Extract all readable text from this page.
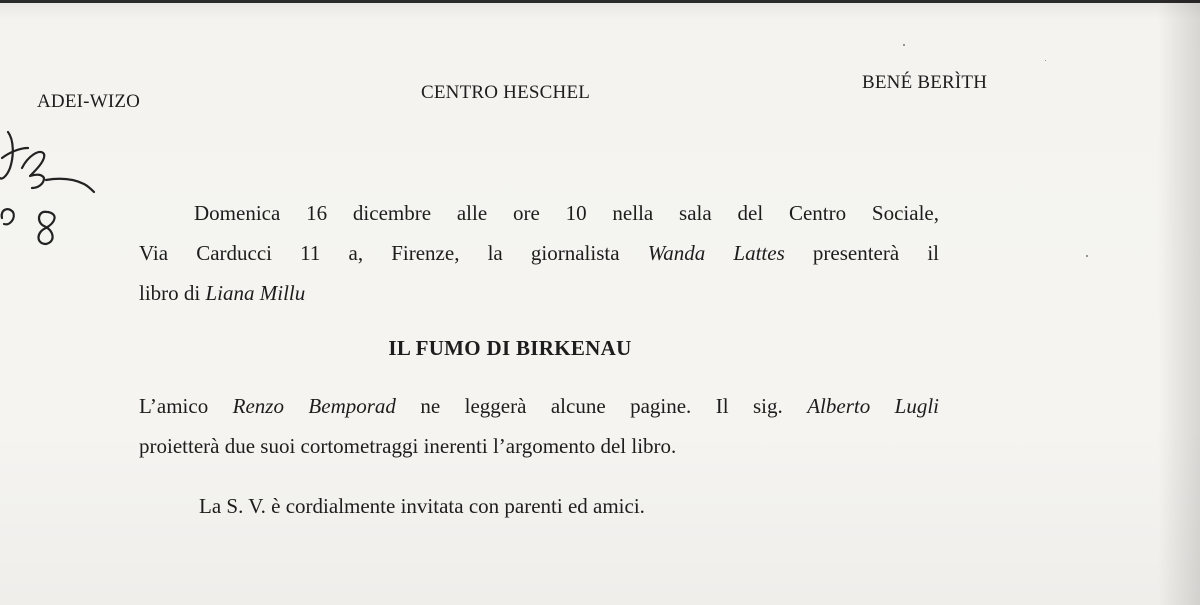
ADEI-WIZO	CENTRO HESCHEL	BENÉ BERÌTH
Domenica 16 dicembre alle ore 10 nella sala del Centro Sociale,
Via Carducci 11 a, Firenze, la giornalista Wanda Lattes presenterà il
libro di Liana Millu
IL FUMO DI BIRKENAU
L’amico Renzo Bemporad ne leggerà alcune pagine. Il sig. Alberto Lugli
proietterà due suoi cortometraggi inerenti l’argomento del libro.
La S. V. è cordialmente invitata con parenti ed amici.
